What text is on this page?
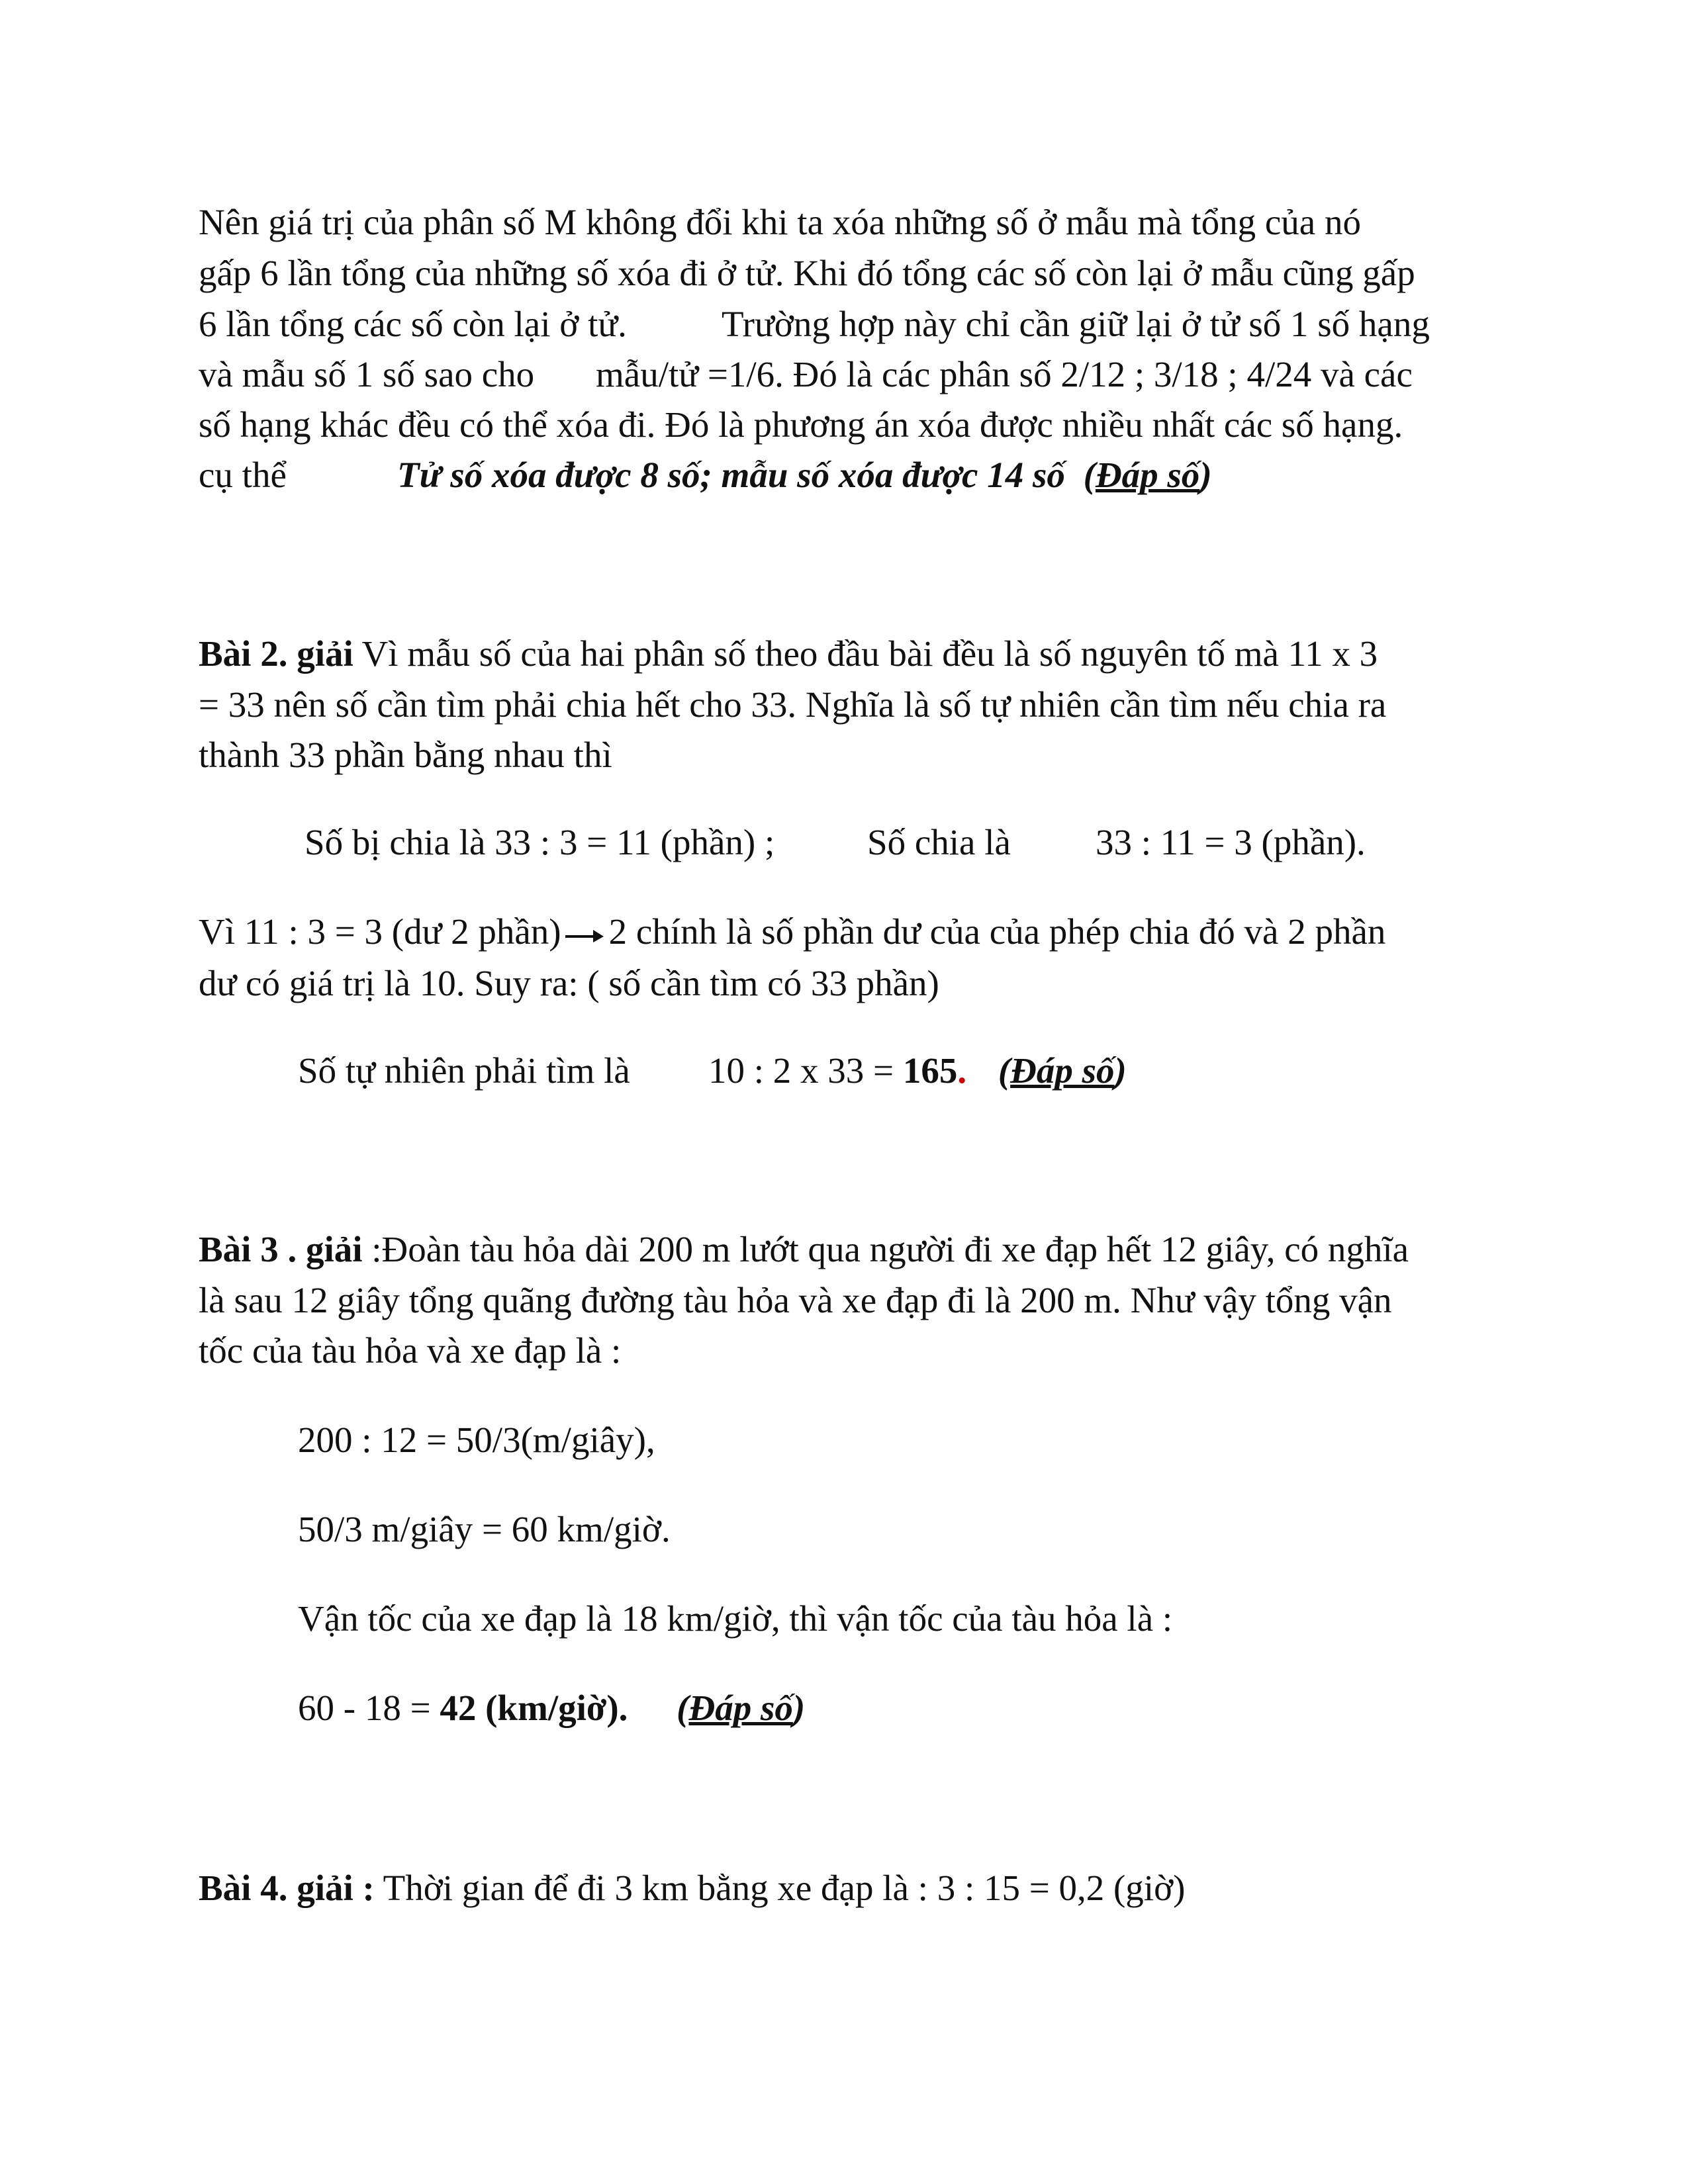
Nên giá trị của phân số M không đổi khi ta xóa những số ở mẫu mà tổng của nó
gấp 6 lần tổng của những số xóa đi ở tử. Khi đó tổng các số còn lại ở mẫu cũng gấp
6 lần tổng các số còn lại ở tử.	Trường hợp này chỉ cần giữ lại ở tử số 1 số hạng
và mẫu số 1 số sao cho mẫu/tử =1/6. Đó là các phân số 2/12 ; 3/18 ; 4/24 và các
số hạng khác đều có thể xóa đi. Đó là phương án xóa được nhiều nhất các số hạng.
cụ thể	Tử số xóa được 8 số; mẫu số xóa được 14 số (Đáp số)
Bài 2. giải Vì mẫu số của hai phân số theo đầu bài đều là số nguyên tố mà 11 x 3
= 33 nên số cần tìm phải chia hết cho 33. Nghĩa là số tự nhiên cần tìm nếu chia ra
thành 33 phần bằng nhau thì
Số bị chia là 33 : 3 = 11 (phần) ;	Số chia là 33 : 11 = 3 (phần).
Vì 11 : 3 = 3 (dư 2 phần) 2 chính là số phần dư của của phép chia đó và 2 phần
dư có giá trị là 10. Suy ra: ( số cần tìm có 33 phần)
Số tự nhiên phải tìm là 10 : 2 x 33 = 165. (Đáp số)
Bài 3 . giải :Đoàn tàu hỏa dài 200 m lướt qua người đi xe đạp hết 12 giây, có nghĩa
là sau 12 giây tổng quãng đường tàu hỏa và xe đạp đi là 200 m. Như vậy tổng vận
tốc của tàu hỏa và xe đạp là :
200 : 12 = 50/3(m/giây),
50/3 m/giây = 60 km/giờ.
Vận tốc của xe đạp là 18 km/giờ, thì vận tốc của tàu hỏa là :
60 - 18 = 42 (km/giờ). (Đáp số)
Bài 4. giải : Thời gian để đi 3 km bằng xe đạp là : 3 : 15 = 0,2 (giờ)
